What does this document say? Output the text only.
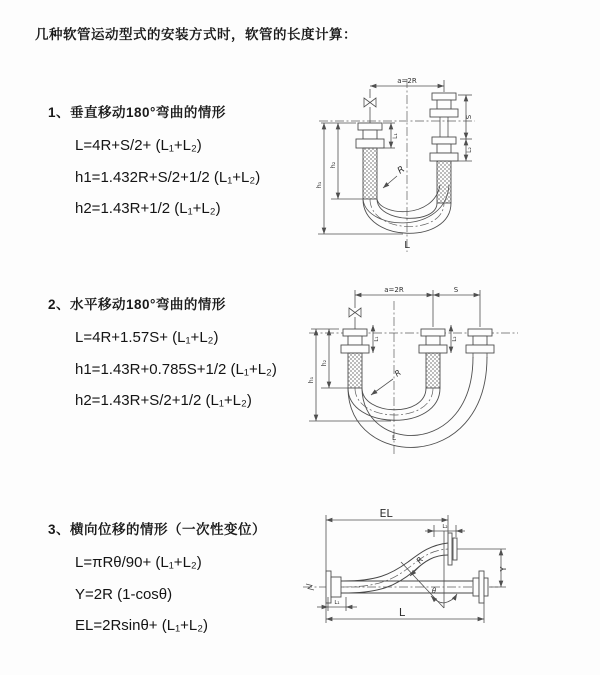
几种软管运动型式的安装方式时，软管的长度计算：
1、垂直移动180°弯曲的情形
L=4R+S/2+ (L₁+L₂)
h1=1.432R+S/2+1/2 (L₁+L₂)
h2=1.43R+1/2 (L₁+L₂)
2、水平移动180°弯曲的情形
L=4R+1.57S+ (L₁+L₂)
h1=1.43R+0.785S+1/2 (L₁+L₂)
h2=1.43R+S/2+1/2 (L₁+L₂)
3、横向位移的情形（一次性变位）
L=πRθ/90+ (L₁+L₂)
Y=2R (1-cosθ)
EL=2Rsinθ+ (L₁+L₂)
a=2R
L₁
S
L₂
h₂
h₁
R
L
a=2R	S
L₁	L₂
h₂
h₁
R
L
EL
L₂
θ
R
Y
L₁
L
